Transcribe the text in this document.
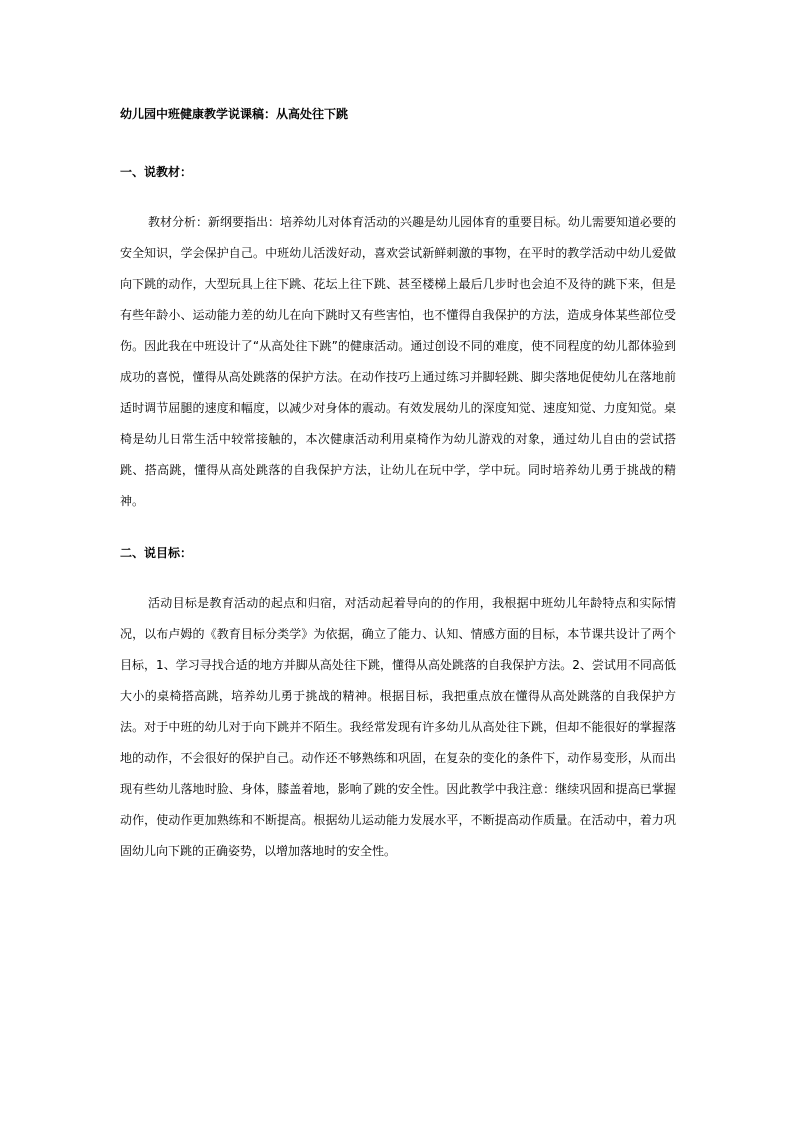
幼儿园中班健康教学说课稿：从高处往下跳

一、说教材：

教材分析：新纲要指出：培养幼儿对体育活动的兴趣是幼儿园体育的重要目标。幼儿需要知道必要的安全知识，学会保护自己。中班幼儿活泼好动，喜欢尝试新鲜刺激的事物，在平时的教学活动中幼儿爱做向下跳的动作，大型玩具上往下跳、花坛上往下跳、甚至楼梯上最后几步时也会迫不及待的跳下来，但是有些年龄小、运动能力差的幼儿在向下跳时又有些害怕，也不懂得自我保护的方法，造成身体某些部位受伤。因此我在中班设计了“从高处往下跳”的健康活动。通过创设不同的难度，使不同程度的幼儿都体验到成功的喜悦，懂得从高处跳落的保护方法。在动作技巧上通过练习并脚轻跳、脚尖落地促使幼儿在落地前适时调节屈腿的速度和幅度，以减少对身体的震动。有效发展幼儿的深度知觉、速度知觉、力度知觉。桌椅是幼儿日常生活中较常接触的，本次健康活动利用桌椅作为幼儿游戏的对象，通过幼儿自由的尝试搭跳、搭高跳，懂得从高处跳落的自我保护方法，让幼儿在玩中学，学中玩。同时培养幼儿勇于挑战的精神。

二、说目标：

活动目标是教育活动的起点和归宿，对活动起着导向的的作用，我根据中班幼儿年龄特点和实际情况，以布卢姆的《教育目标分类学》为依据，确立了能力、认知、情感方面的目标，本节课共设计了两个目标，1、学习寻找合适的地方并脚从高处往下跳，懂得从高处跳落的自我保护方法。2、尝试用不同高低大小的桌椅搭高跳，培养幼儿勇于挑战的精神。根据目标，我把重点放在懂得从高处跳落的自我保护方法。对于中班的幼儿对于向下跳并不陌生。我经常发现有许多幼儿从高处往下跳，但却不能很好的掌握落地的动作，不会很好的保护自己。动作还不够熟练和巩固，在复杂的变化的条件下，动作易变形，从而出现有些幼儿落地时脸、身体，膝盖着地，影响了跳的安全性。因此教学中我注意：继续巩固和提高已掌握动作，使动作更加熟练和不断提高。根据幼儿运动能力发展水平，不断提高动作质量。在活动中，着力巩固幼儿向下跳的正确姿势，以增加落地时的安全性。
